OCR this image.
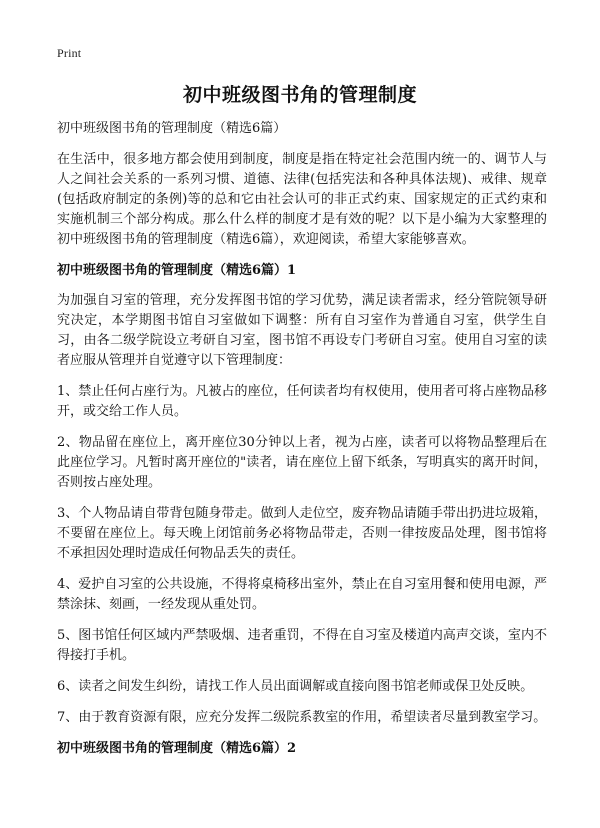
Print
初中班级图书角的管理制度

初中班级图书角的管理制度（精选6篇）

在生活中，很多地方都会使用到制度，制度是指在特定社会范围内统一的、调节人与人之间社会关系的一系列习惯、道德、法律(包括宪法和各种具体法规)、戒律、规章(包括政府制定的条例)等的总和它由社会认可的非正式约束、国家规定的正式约束和实施机制三个部分构成。那么什么样的制度才是有效的呢？以下是小编为大家整理的初中班级图书角的管理制度（精选6篇），欢迎阅读，希望大家能够喜欢。

初中班级图书角的管理制度（精选6篇）1

为加强自习室的管理，充分发挥图书馆的学习优势，满足读者需求，经分管院领导研究决定，本学期图书馆自习室做如下调整：所有自习室作为普通自习室，供学生自习，由各二级学院设立考研自习室，图书馆不再设专门考研自习室。使用自习室的读者应服从管理并自觉遵守以下管理制度：

1、禁止任何占座行为。凡被占的座位，任何读者均有权使用，使用者可将占座物品移开，或交给工作人员。

2、物品留在座位上，离开座位30分钟以上者，视为占座，读者可以将物品整理后在此座位学习。凡暂时离开座位的"读者，请在座位上留下纸条，写明真实的离开时间，否则按占座处理。

3、个人物品请自带背包随身带走。做到人走位空，废弃物品请随手带出扔进垃圾箱，不要留在座位上。每天晚上闭馆前务必将物品带走，否则一律按废品处理，图书馆将不承担因处理时造成任何物品丢失的责任。

4、爱护自习室的公共设施，不得将桌椅移出室外，禁止在自习室用餐和使用电源，严禁涂抹、刻画，一经发现从重处罚。

5、图书馆任何区域内严禁吸烟、违者重罚，不得在自习室及楼道内高声交谈，室内不得接打手机。

6、读者之间发生纠纷，请找工作人员出面调解或直接向图书馆老师或保卫处反映。

7、由于教育资源有限，应充分发挥二级院系教室的作用，希望读者尽量到教室学习。

初中班级图书角的管理制度（精选6篇）2
